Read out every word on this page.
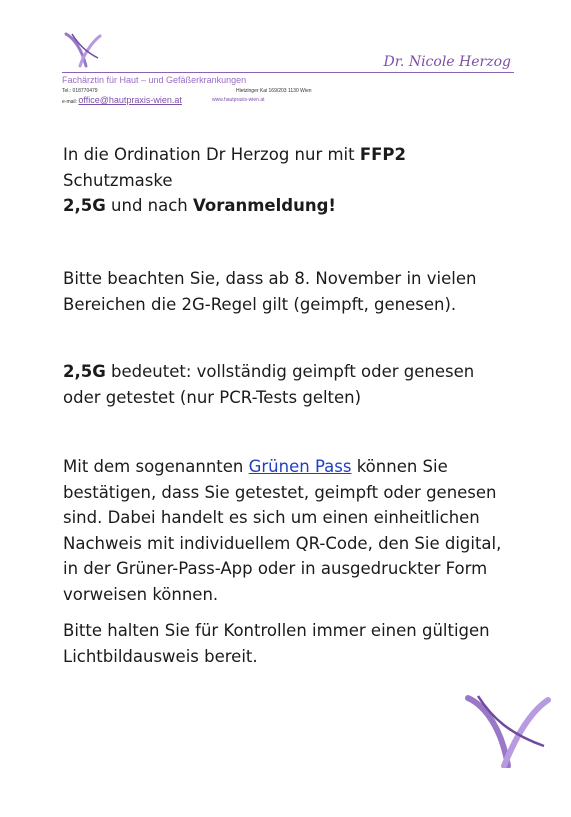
Dr. Nicole Herzog
Fachärztin für Haut – und Gefäßerkrankungen
Tel.: 018770479	Hietzinger Kai 169/203 1130 Wien
e-mail: office@hautpraxis-wien.at	www.hautpraxis-wien.at
In die Ordination Dr Herzog nur mit FFP2 Schutzmaske
2,5G und nach Voranmeldung!
Bitte beachten Sie, dass ab 8. November in vielen Bereichen die 2G-Regel gilt (geimpft, genesen).
2,5G bedeutet: vollständig geimpft oder genesen oder getestet (nur PCR-Tests gelten)
Mit dem sogenannten Grünen Pass können Sie bestätigen, dass Sie getestet, geimpft oder genesen sind. Dabei handelt es sich um einen einheitlichen Nachweis mit individuellem QR-Code, den Sie digital, in der Grüner-Pass-App oder in ausgedruckter Form vorweisen können.
Bitte halten Sie für Kontrollen immer einen gültigen Lichtbildausweis bereit.
